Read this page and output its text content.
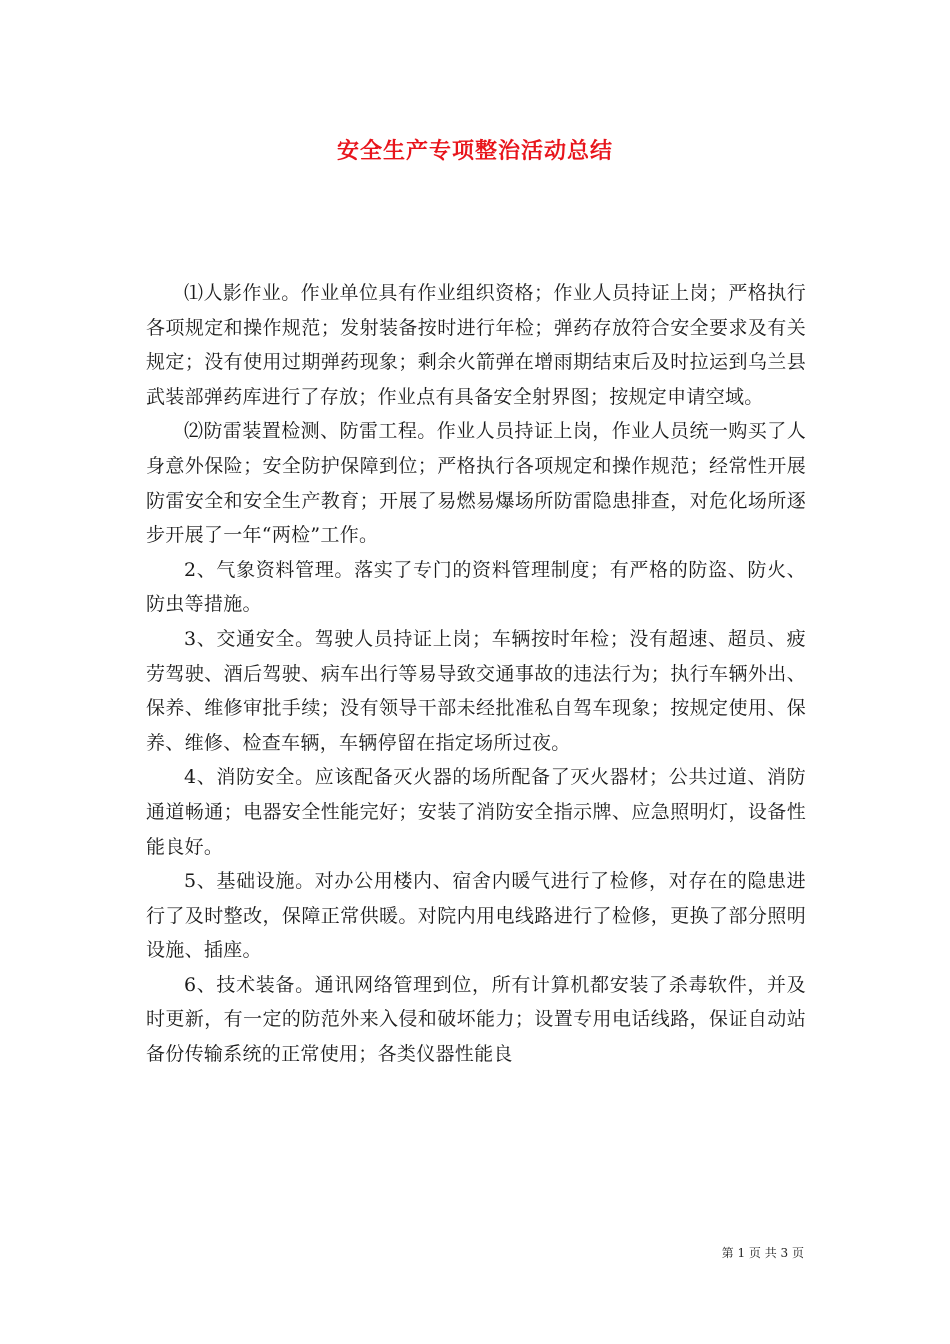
安全生产专项整治活动总结

⑴人影作业。作业单位具有作业组织资格；作业人员持证上岗；严格执行各项规定和操作规范；发射装备按时进行年检；弹药存放符合安全要求及有关规定；没有使用过期弹药现象；剩余火箭弹在增雨期结束后及时拉运到乌兰县武装部弹药库进行了存放；作业点有具备安全射界图；按规定申请空域。

⑵防雷装置检测、防雷工程。作业人员持证上岗，作业人员统一购买了人身意外保险；安全防护保障到位；严格执行各项规定和操作规范；经常性开展防雷安全和安全生产教育；开展了易燃易爆场所防雷隐患排查，对危化场所逐步开展了一年“两检”工作。

2、气象资料管理。落实了专门的资料管理制度；有严格的防盗、防火、防虫等措施。

3、交通安全。驾驶人员持证上岗；车辆按时年检；没有超速、超员、疲劳驾驶、酒后驾驶、病车出行等易导致交通事故的违法行为；执行车辆外出、保养、维修审批手续；没有领导干部未经批准私自驾车现象；按规定使用、保养、维修、检查车辆，车辆停留在指定场所过夜。

4、消防安全。应该配备灭火器的场所配备了灭火器材；公共过道、消防通道畅通；电器安全性能完好；安装了消防安全指示牌、应急照明灯，设备性能良好。

5、基础设施。对办公用楼内、宿舍内暖气进行了检修，对存在的隐患进行了及时整改，保障正常供暖。对院内用电线路进行了检修，更换了部分照明设施、插座。

6、技术装备。通讯网络管理到位，所有计算机都安装了杀毒软件，并及时更新，有一定的防范外来入侵和破坏能力；设置专用电话线路，保证自动站备份传输系统的正常使用；各类仪器性能良

第 1 页 共 3 页
